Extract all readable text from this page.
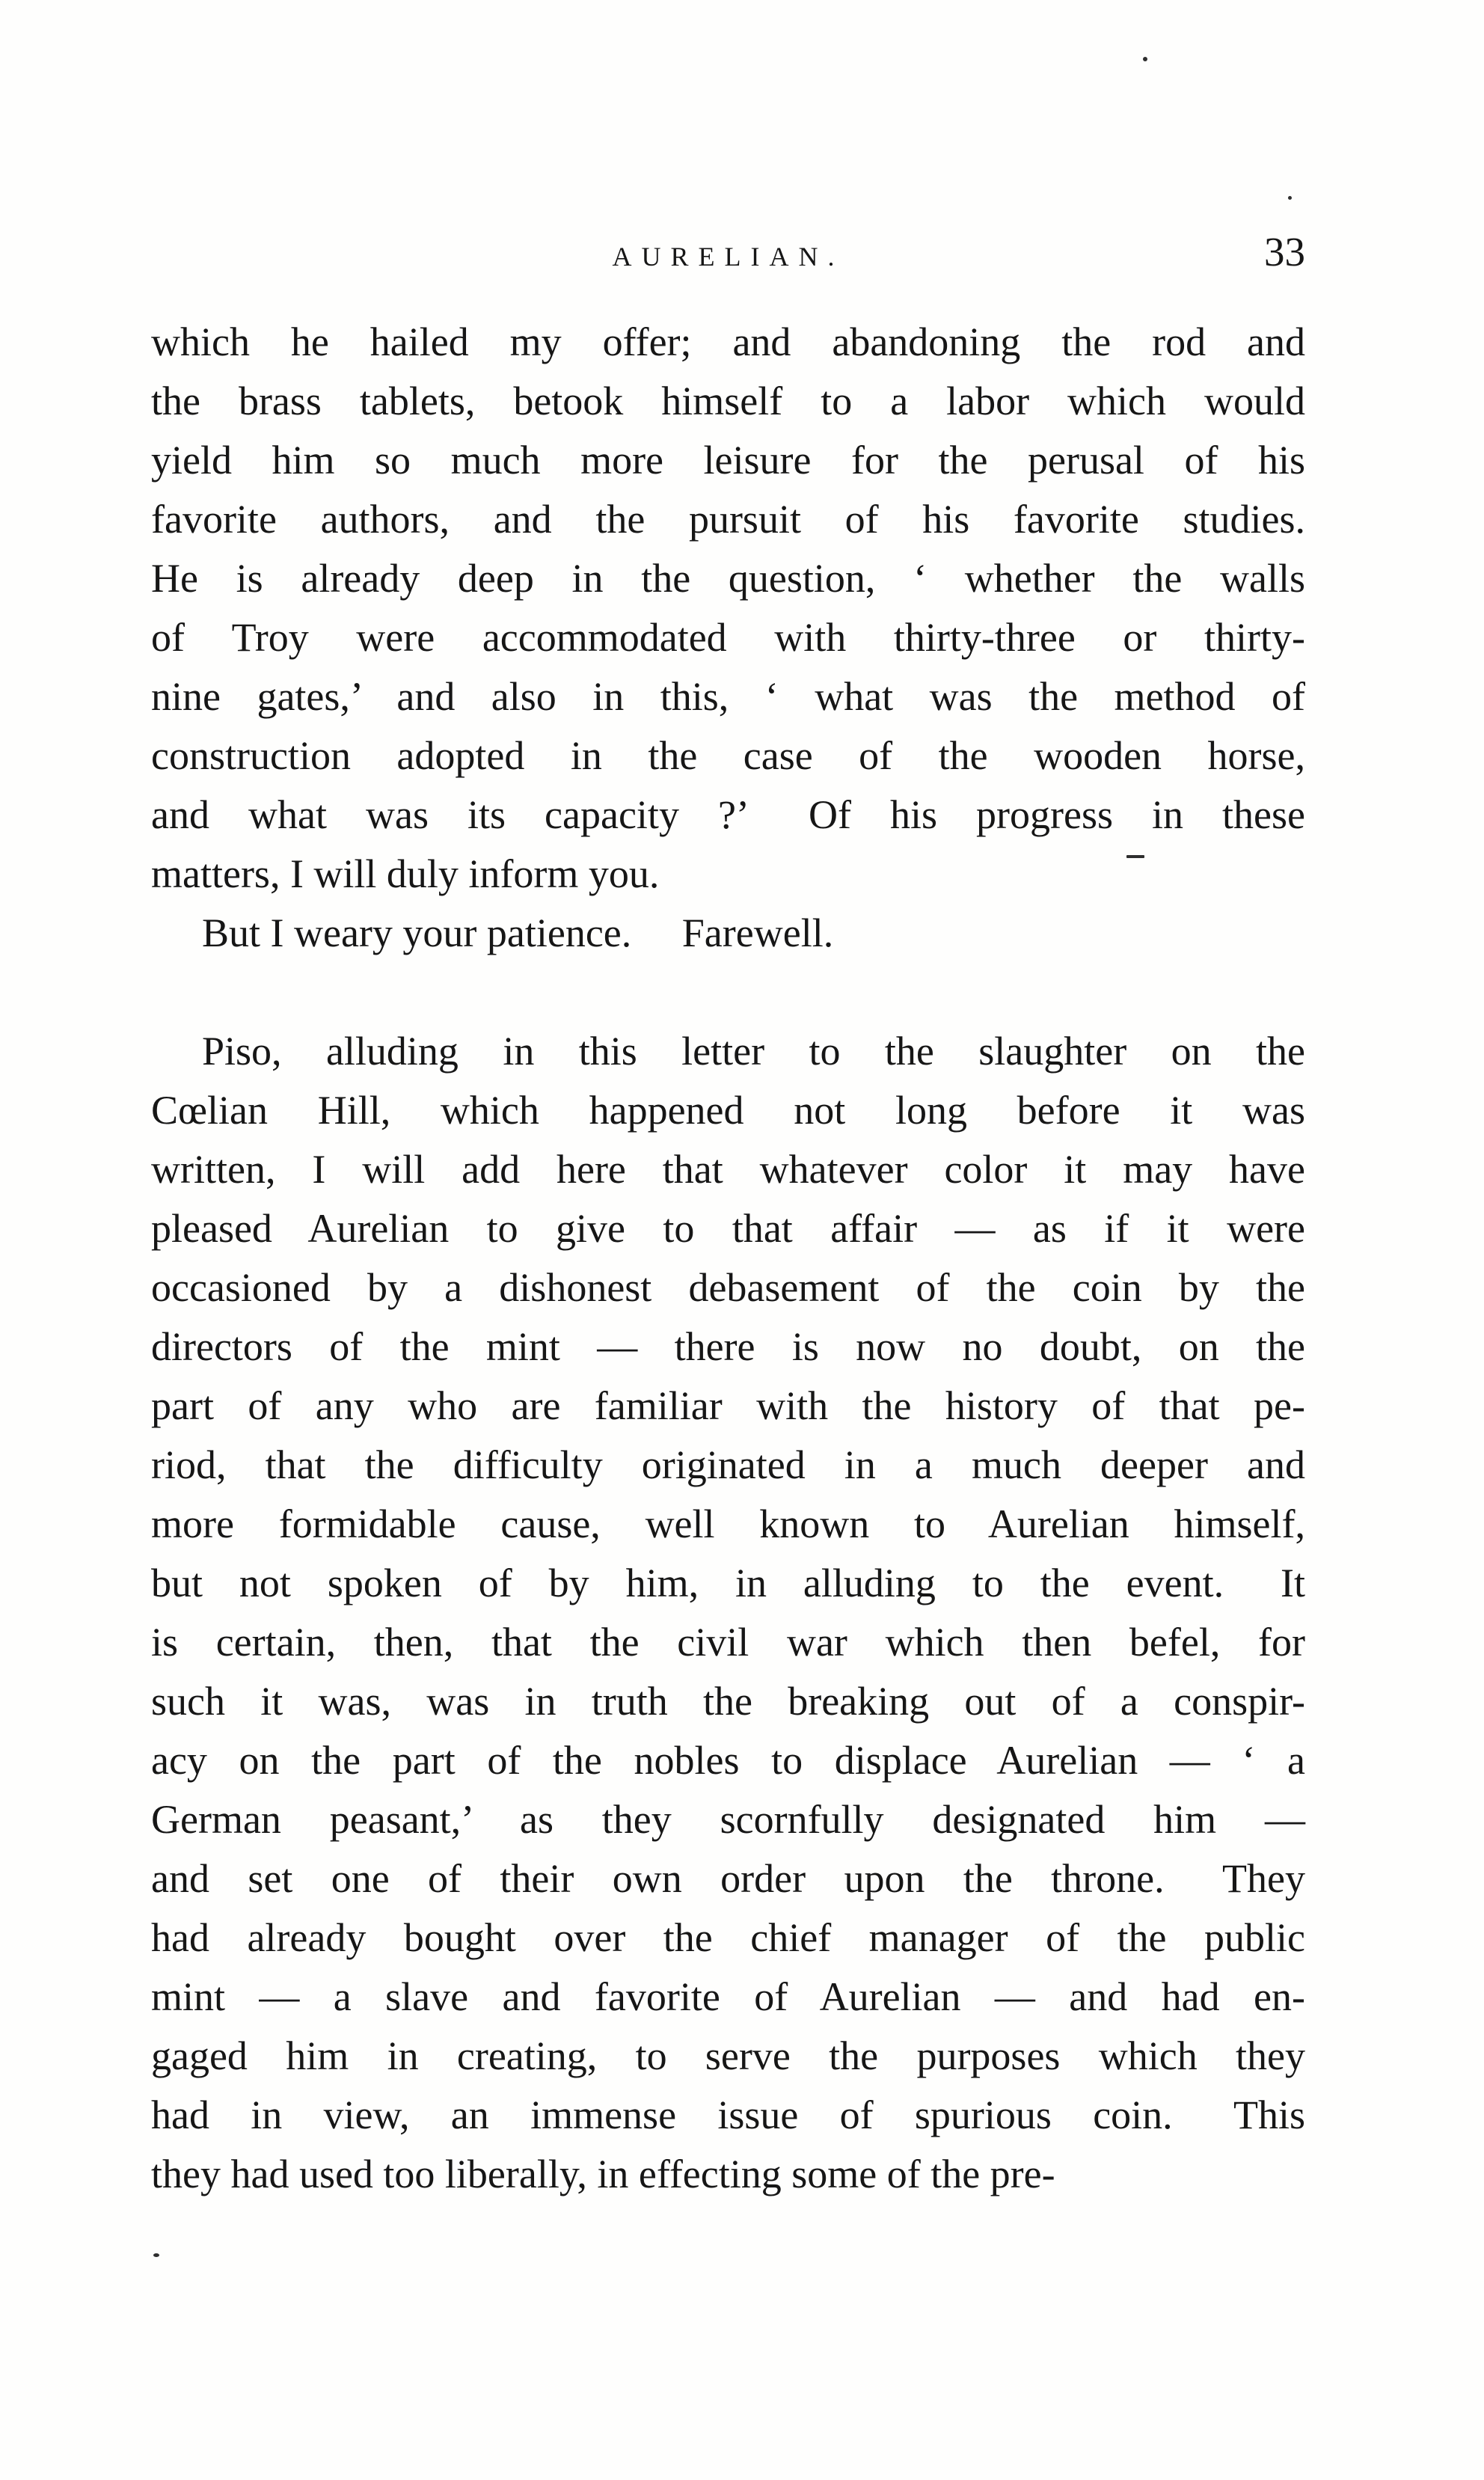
AURELIAN.	33
which he hailed my offer; and abandoning the rod and
the brass tablets, betook himself to a labor which would
yield him so much more leisure for the perusal of his
favorite authors, and the pursuit of his favorite studies.
He is already deep in the question, ‘ whether the walls
of Troy were accommodated with thirty-three or thirty-
nine gates,’ and also in this, ‘ what was the method of
construction adopted in the case of the wooden horse,
and what was its capacity ?’  Of his progress in these
matters, I will duly inform you.
But I weary your patience.  Farewell.
Piso, alluding in this letter to the slaughter on the
Cœlian Hill, which happened not long before it was
written, I will add here that whatever color it may have
pleased Aurelian to give to that affair — as if it were
occasioned by a dishonest debasement of the coin by the
directors of the mint — there is now no doubt, on the
part of any who are familiar with the history of that pe-
riod, that the difficulty originated in a much deeper and
more formidable cause, well known to Aurelian himself,
but not spoken of by him, in alluding to the event.  It
is certain, then, that the civil war which then befel, for
such it was, was in truth the breaking out of a conspir-
acy on the part of the nobles to displace Aurelian — ‘ a
German peasant,’ as they scornfully designated him —
and set one of their own order upon the throne.  They
had already bought over the chief manager of the public
mint — a slave and favorite of Aurelian — and had en-
gaged him in creating, to serve the purposes which they
had in view, an immense issue of spurious coin.  This
they had used too liberally, in effecting some of the pre-
